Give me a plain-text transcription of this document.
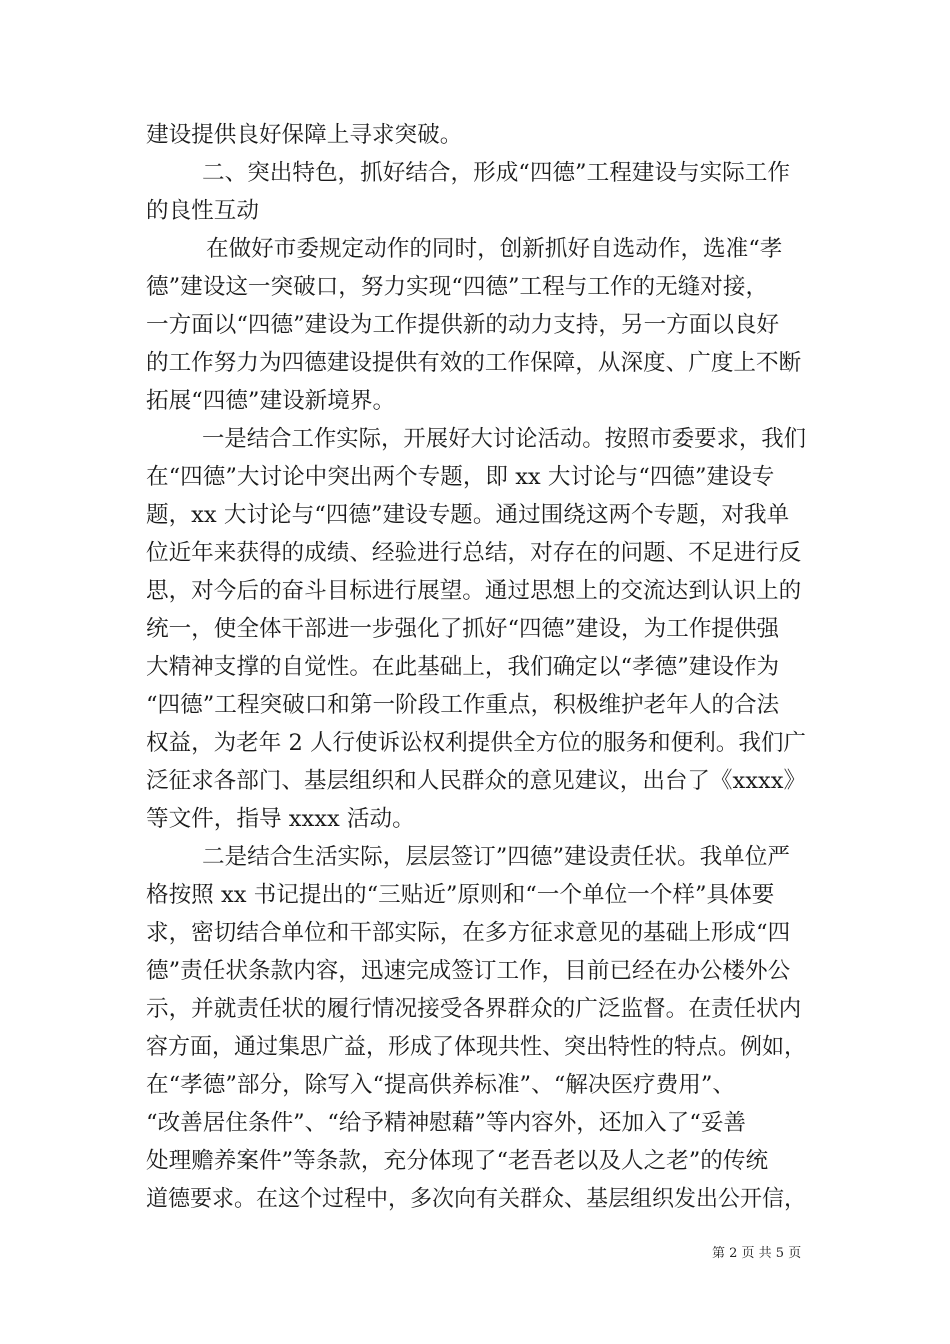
建设提供良好保障上寻求突破。
二、突出特色，抓好结合，形成“四德”工程建设与实际工作
的良性互动
在做好市委规定动作的同时，创新抓好自选动作，选准“孝
德”建设这一突破口，努力实现“四德”工程与工作的无缝对接，
一方面以“四德”建设为工作提供新的动力支持，另一方面以良好
的工作努力为四德建设提供有效的工作保障，从深度、广度上不断
拓展“四德”建设新境界。
一是结合工作实际，开展好大讨论活动。按照市委要求，我们
在“四德”大讨论中突出两个专题，即 xx 大讨论与“四德”建设专
题，xx 大讨论与“四德”建设专题。通过围绕这两个专题，对我单
位近年来获得的成绩、经验进行总结，对存在的问题、不足进行反
思，对今后的奋斗目标进行展望。通过思想上的交流达到认识上的
统一，使全体干部进一步强化了抓好“四德”建设，为工作提供强
大精神支撑的自觉性。在此基础上，我们确定以“孝德”建设作为
“四德”工程突破口和第一阶段工作重点，积极维护老年人的合法
权益，为老年 2 人行使诉讼权利提供全方位的服务和便利。我们广
泛征求各部门、基层组织和人民群众的意见建议，出台了《xxxx》
等文件，指导 xxxx 活动。
二是结合生活实际，层层签订”四德”建设责任状。我单位严
格按照 xx 书记提出的“三贴近”原则和“一个单位一个样”具体要
求，密切结合单位和干部实际，在多方征求意见的基础上形成“四
德”责任状条款内容，迅速完成签订工作，目前已经在办公楼外公
示，并就责任状的履行情况接受各界群众的广泛监督。在责任状内
容方面，通过集思广益，形成了体现共性、突出特性的特点。例如，
在“孝德”部分，除写入“提高供养标准”、“解决医疗费用”、
“改善居住条件”、“给予精神慰藉”等内容外，还加入了“妥善
处理赡养案件”等条款，充分体现了“老吾老以及人之老”的传统
道德要求。在这个过程中，多次向有关群众、基层组织发出公开信，
第 2 页 共 5 页
